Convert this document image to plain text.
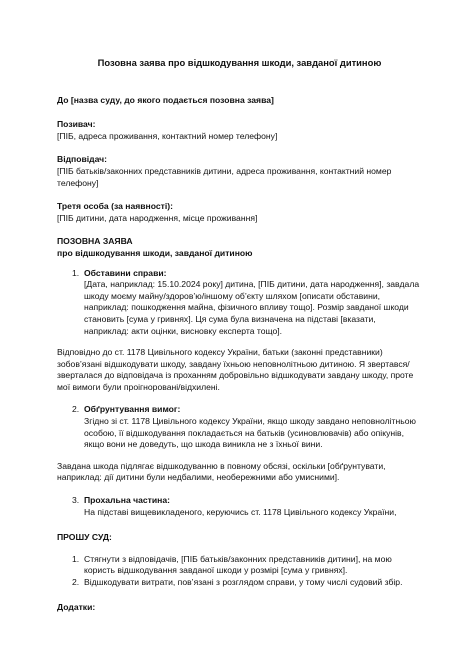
Позовна заява про відшкодування шкоди, завданої дитиною
До [назва суду, до якого подається позовна заява]
Позивач:
[ПІБ, адреса проживання, контактний номер телефону]
Відповідач:
[ПІБ батьків/законних представників дитини, адреса проживання, контактний номер телефону]
Третя особа (за наявності):
[ПІБ дитини, дата народження, місце проживання]
ПОЗОВНА ЗАЯВА
про відшкодування шкоди, завданої дитиною
1. Обставини справи:
[Дата, наприклад: 15.10.2024 року] дитина, [ПІБ дитини, дата народження], завдала шкоду моєму майну/здоров’ю/іншому об’єкту шляхом [описати обставини, наприклад: пошкодження майна, фізичного впливу тощо]. Розмір завданої шкоди становить [сума у гривнях]. Ця сума була визначена на підставі [вказати, наприклад: акти оцінки, висновку експерта тощо].
Відповідно до ст. 1178 Цивільного кодексу України, батьки (законні представники) зобов’язані відшкодувати шкоду, завдану їхньою неповнолітньою дитиною. Я звертався/зверталася до відповідача із проханням добровільно відшкодувати завдану шкоду, проте мої вимоги були проігноровані/відхилені.
2. Обґрунтування вимог:
Згідно зі ст. 1178 Цивільного кодексу України, якщо шкоду завдано неповнолітньою особою, її відшкодування покладається на батьків (усиновлювачів) або опікунів, якщо вони не доведуть, що шкода виникла не з їхньої вини.
Завдана шкода підлягає відшкодуванню в повному обсязі, оскільки [обґрунтувати, наприклад: дії дитини були недбалими, необережними або умисними].
3. Прохальна частина:
На підставі вищевикладеного, керуючись ст. 1178 Цивільного кодексу України,
ПРОШУ СУД:
1. Стягнути з відповідачів, [ПІБ батьків/законних представників дитини], на мою користь відшкодування завданої шкоди у розмірі [сума у гривнях].
2. Відшкодувати витрати, пов’язані з розглядом справи, у тому числі судовий збір.
Додатки:
